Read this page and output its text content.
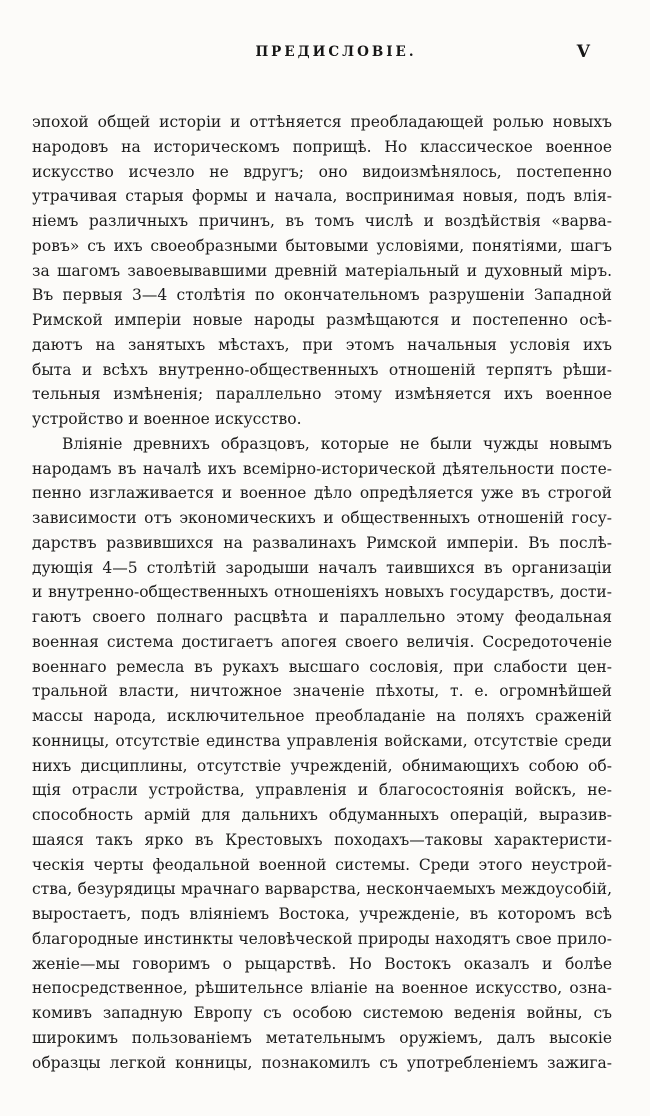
ПРЕДИСЛОВІЕ.	V
эпохой общей исторіи и оттѣняется преобладающей ролью новыхъ
народовъ на историческомъ поприщѣ. Но классическое военное
искусство исчезло не вдругъ; оно видоизмѣнялось, постепенно
утрачивая старыя формы и начала, воспринимая новыя, подъ влія-
ніемъ различныхъ причинъ, въ томъ числѣ и воздѣйствія «варва-
ровъ» съ ихъ своеобразными бытовыми условіями, понятіями, шагъ
за шагомъ завоевывавшими древній матеріальный и духовный міръ.
Въ первыя 3—4 столѣтія по окончательномъ разрушеніи Западной
Римской имперіи новые народы размѣщаются и постепенно осѣ-
даютъ на занятыхъ мѣстахъ, при этомъ начальныя условія ихъ
быта и всѣхъ внутренно-общественныхъ отношеній терпятъ рѣши-
тельныя измѣненія; параллельно этому измѣняется ихъ военное
устройство и военное искусство.
Вліяніе древнихъ образцовъ, которые не были чужды новымъ
народамъ въ началѣ ихъ всемірно-исторической дѣятельности посте-
пенно изглаживается и военное дѣло опредѣляется уже въ строгой
зависимости отъ экономическихъ и общественныхъ отношеній госу-
дарствъ развившихся на развалинахъ Римской имперіи. Въ послѣ-
дующія 4—5 столѣтій зародыши началъ таившихся въ организаціи
и внутренно-общественныхъ отношеніяхъ новыхъ государствъ, дости-
гаютъ своего полнаго расцвѣта и параллельно этому феодальная
военная система достигаетъ апогея своего величія. Сосредоточеніе
военнаго ремесла въ рукахъ высшаго сословія, при слабости цен-
тральной власти, ничтожное значеніе пѣхоты, т. е. огромнѣйшей
массы народа, исключительное преобладаніе на поляхъ сраженій
конницы, отсутствіе единства управленія войсками, отсутствіе среди
нихъ дисциплины, отсутствіе учрежденій, обнимающихъ собою об-
щія отрасли устройства, управленія и благосостоянія войскъ, не-
способность армій для дальнихъ обдуманныхъ операцій, выразив-
шаяся такъ ярко въ Крестовыхъ походахъ—таковы характеристи-
ческія черты феодальной военной системы. Среди этого неустрой-
ства, безурядицы мрачнаго варварства, нескончаемыхъ междоусобій,
выростаетъ, подъ вліяніемъ Востока, учрежденіе, въ которомъ всѣ
благородные инстинкты человѣческой природы находятъ свое прило-
женіе—мы говоримъ о рыцарствѣ. Но Востокъ оказалъ и болѣе
непосредственное, рѣшительнсе вліаніе на военное искусство, озна-
комивъ западную Европу съ особою системою веденія войны, съ
широкимъ пользованіемъ метательнымъ оружіемъ, далъ высокіе
образцы легкой конницы, познакомилъ съ употребленіемъ зажига-
